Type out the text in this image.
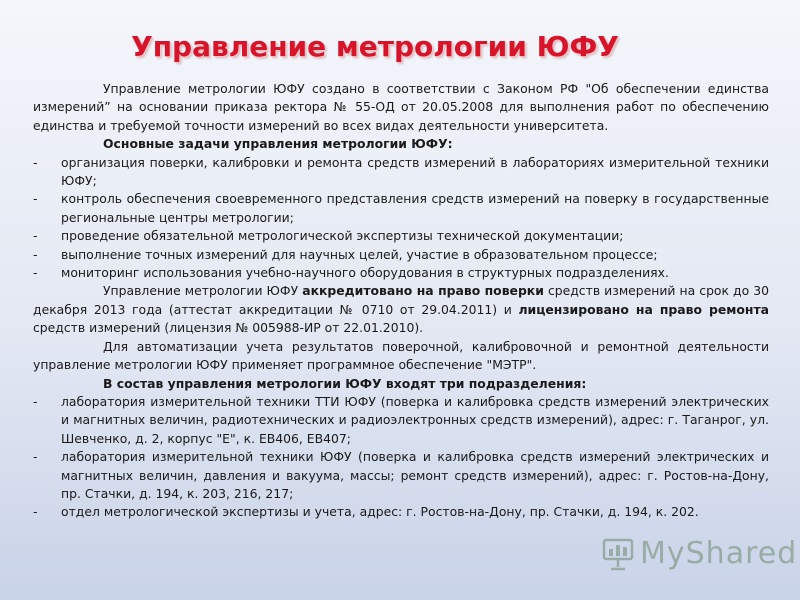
Управление метрологии ЮФУ

Управление метрологии ЮФУ создано в соответствии с Законом РФ "Об обеспечении единства измерений” на основании приказа ректора № 55-ОД от 20.05.2008 для выполнения работ по обеспечению единства и требуемой точности измерений во всех видах деятельности университета.

Основные задачи управления метрологии ЮФУ:

-	организация поверки, калибровки и ремонта средств измерений в лабораториях измерительной техники ЮФУ;
-	контроль обеспечения своевременного представления средств измерений на поверку в государственные региональные центры метрологии;
-	проведение обязательной метрологической экспертизы технической документации;
-	выполнение точных измерений для научных целей, участие в образовательном процессе;
-	мониторинг использования учебно-научного оборудования в структурных подразделениях.

Управление метрологии ЮФУ аккредитовано на право поверки средств измерений на срок до 30 декабря 2013 года (аттестат аккредитации № 0710 от 29.04.2011) и лицензировано на право ремонта средств измерений (лицензия № 005988-ИР от 22.01.2010).

Для автоматизации учета результатов поверочной, калибровочной и ремонтной деятельности управление метрологии ЮФУ применяет программное обеспечение "МЭТР".

В состав управления метрологии ЮФУ входят три подразделения:

-	лаборатория измерительной техники ТТИ ЮФУ (поверка и калибровка средств измерений электрических и магнитных величин, радиотехнических и радиоэлектронных средств измерений), адрес: г. Таганрог, ул. Шевченко, д. 2, корпус "Е", к. ЕВ406, ЕВ407;
-	лаборатория измерительной техники ЮФУ (поверка и калибровка средств измерений электрических и магнитных величин, давления и вакуума, массы; ремонт средств измерений), адрес: г. Ростов-на-Дону, пр. Стачки, д. 194, к. 203, 216, 217;
-	отдел метрологической экспертизы и учета, адрес: г. Ростов-на-Дону, пр. Стачки, д. 194, к. 202.
MyShared
